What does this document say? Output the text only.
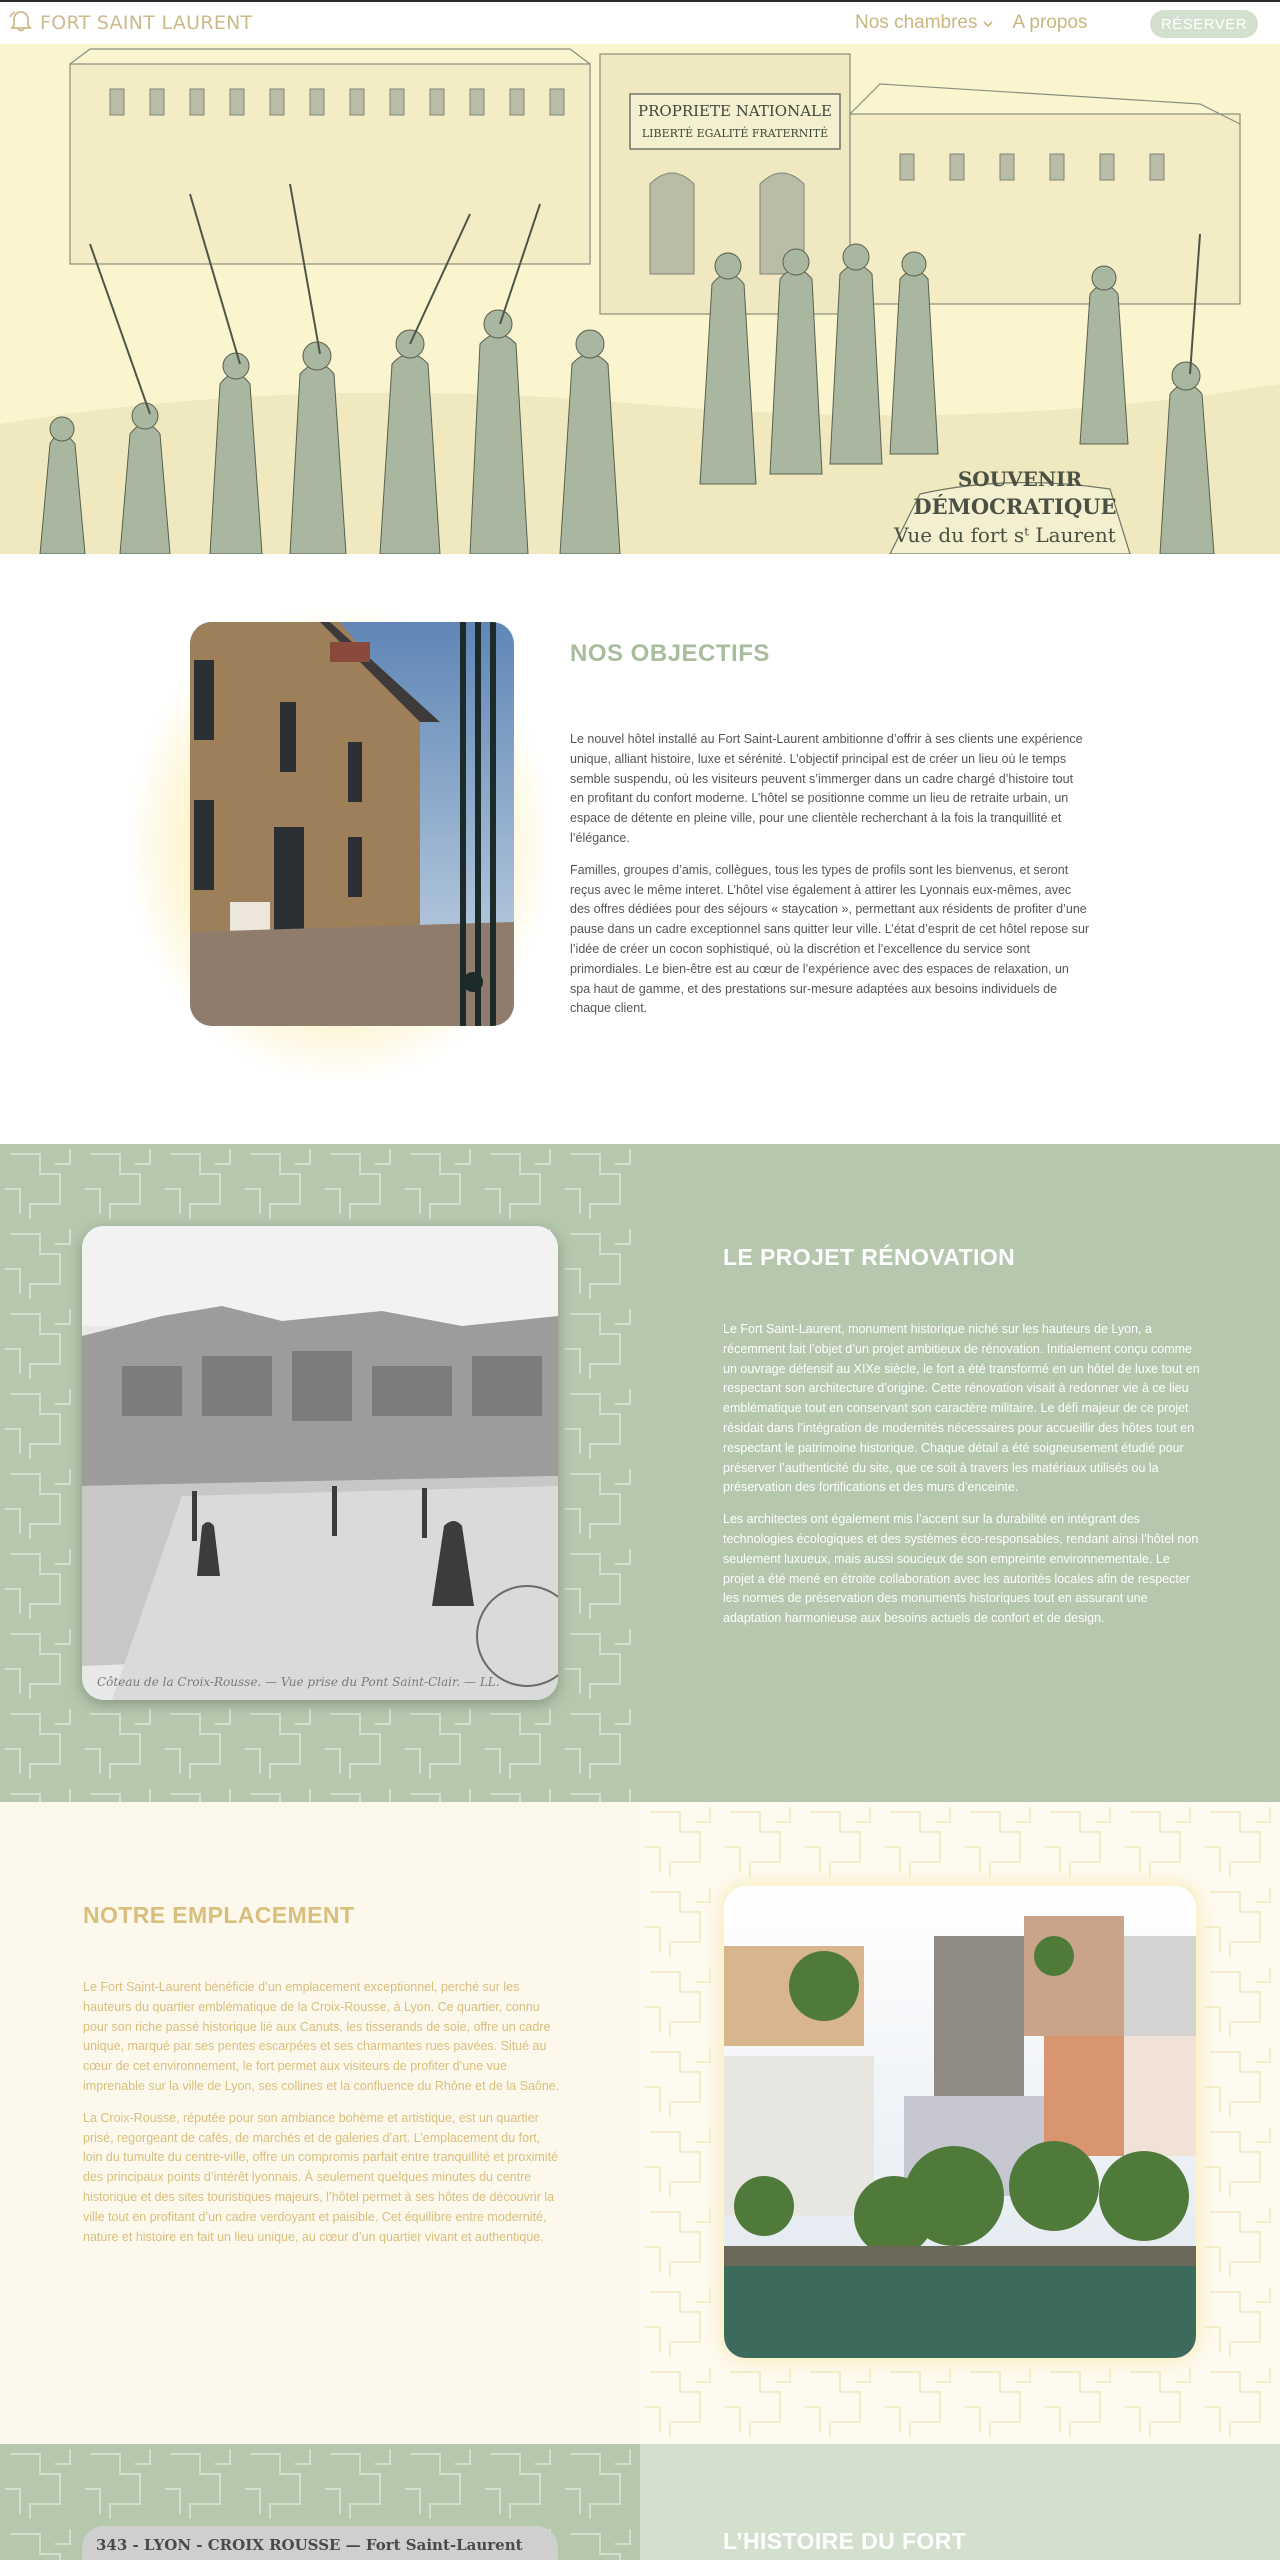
FORT SAINT LAURENT	Nos chambres A propos	RÉSERVER
PROPRIETE NATIONALE
LIBERTÉ EGALITÉ FRATERNITÉ
SOUVENIR
DÉMOCRATIQUE
Vue du fort sᵗ Laurent
NOS OBJECTIFS

Le nouvel hôtel installé au Fort Saint-Laurent ambitionne d’offrir à ses clients une expérience unique, alliant histoire, luxe et sérénité. L’objectif principal est de créer un lieu où le temps semble suspendu, où les visiteurs peuvent s’immerger dans un cadre chargé d’histoire tout en profitant du confort moderne. L’hôtel se positionne comme un lieu de retraite urbain, un espace de détente en pleine ville, pour une clientèle recherchant à la fois la tranquillité et l’élégance.

Familles, groupes d’amis, collègues, tous les types de profils sont les bienvenus, et seront reçus avec le même interet. L’hôtel vise également à attirer les Lyonnais eux-mêmes, avec des offres dédiées pour des séjours « staycation », permettant aux résidents de profiter d’une pause dans un cadre exceptionnel sans quitter leur ville. L’état d’esprit de cet hôtel repose sur l’idée de créer un cocon sophistiqué, où la discrétion et l’excellence du service sont primordiales. Le bien-être est au cœur de l’expérience avec des espaces de relaxation, un spa haut de gamme, et des prestations sur-mesure adaptées aux besoins individuels de chaque client.

Côteau de la Croix-Rousse. — Vue prise du Pont Saint-Clair. — LL.
LE PROJET RÉNOVATION

Le Fort Saint-Laurent, monument historique niché sur les hauteurs de Lyon, a récemment fait l’objet d’un projet ambitieux de rénovation. Initialement conçu comme un ouvrage défensif au XIXe siècle, le fort a été transformé en un hôtel de luxe tout en respectant son architecture d’origine. Cette rénovation visait à redonner vie à ce lieu emblématique tout en conservant son caractère militaire. Le défi majeur de ce projet résidait dans l’intégration de modernités nécessaires pour accueillir des hôtes tout en respectant le patrimoine historique. Chaque détail a été soigneusement étudié pour préserver l’authenticité du site, que ce soit à travers les matériaux utilisés ou la préservation des fortifications et des murs d’enceinte.

Les architectes ont également mis l’accent sur la durabilité en intégrant des technologies écologiques et des systèmes éco-responsables, rendant ainsi l’hôtel non seulement luxueux, mais aussi soucieux de son empreinte environnementale. Le projet a été mené en étroite collaboration avec les autorités locales afin de respecter les normes de préservation des monuments historiques tout en assurant une adaptation harmonieuse aux besoins actuels de confort et de design.

NOTRE EMPLACEMENT

Le Fort Saint-Laurent bénéficie d’un emplacement exceptionnel, perché sur les hauteurs du quartier emblématique de la Croix-Rousse, à Lyon. Ce quartier, connu pour son riche passé historique lié aux Canuts, les tisserands de soie, offre un cadre unique, marqué par ses pentes escarpées et ses charmantes rues pavées. Situé au cœur de cet environnement, le fort permet aux visiteurs de profiter d’une vue imprenable sur la ville de Lyon, ses collines et la confluence du Rhône et de la Saône.

La Croix-Rousse, réputée pour son ambiance bohème et artistique, est un quartier prisé, regorgeant de cafés, de marchés et de galeries d’art. L’emplacement du fort, loin du tumulte du centre-ville, offre un compromis parfait entre tranquillité et proximité des principaux points d’intérêt lyonnais. À seulement quelques minutes du centre historique et des sites touristiques majeurs, l’hôtel permet à ses hôtes de découvrir la ville tout en profitant d’un cadre verdoyant et paisible. Cet équilibre entre modernité, nature et histoire en fait un lieu unique, au cœur d’un quartier vivant et authentique.

343 - LYON - CROIX ROUSSE — Fort Saint-Laurent	L’HISTOIRE DU FORT
